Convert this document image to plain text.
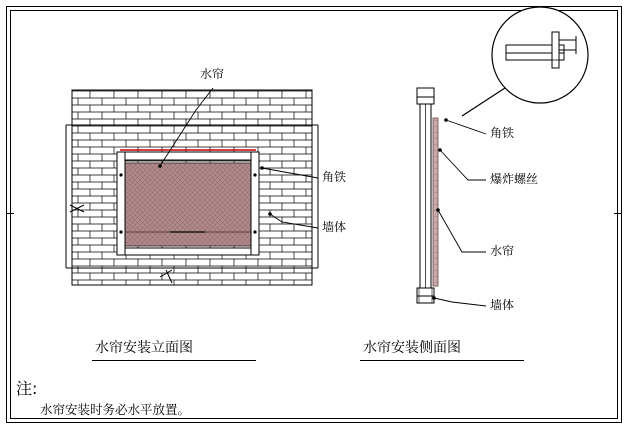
水帘
角铁
墙体
角铁
爆炸螺丝
水帘
墙体
水帘安装立面图	水帘安装侧面图
注:
水帘安装时务必水平放置。
